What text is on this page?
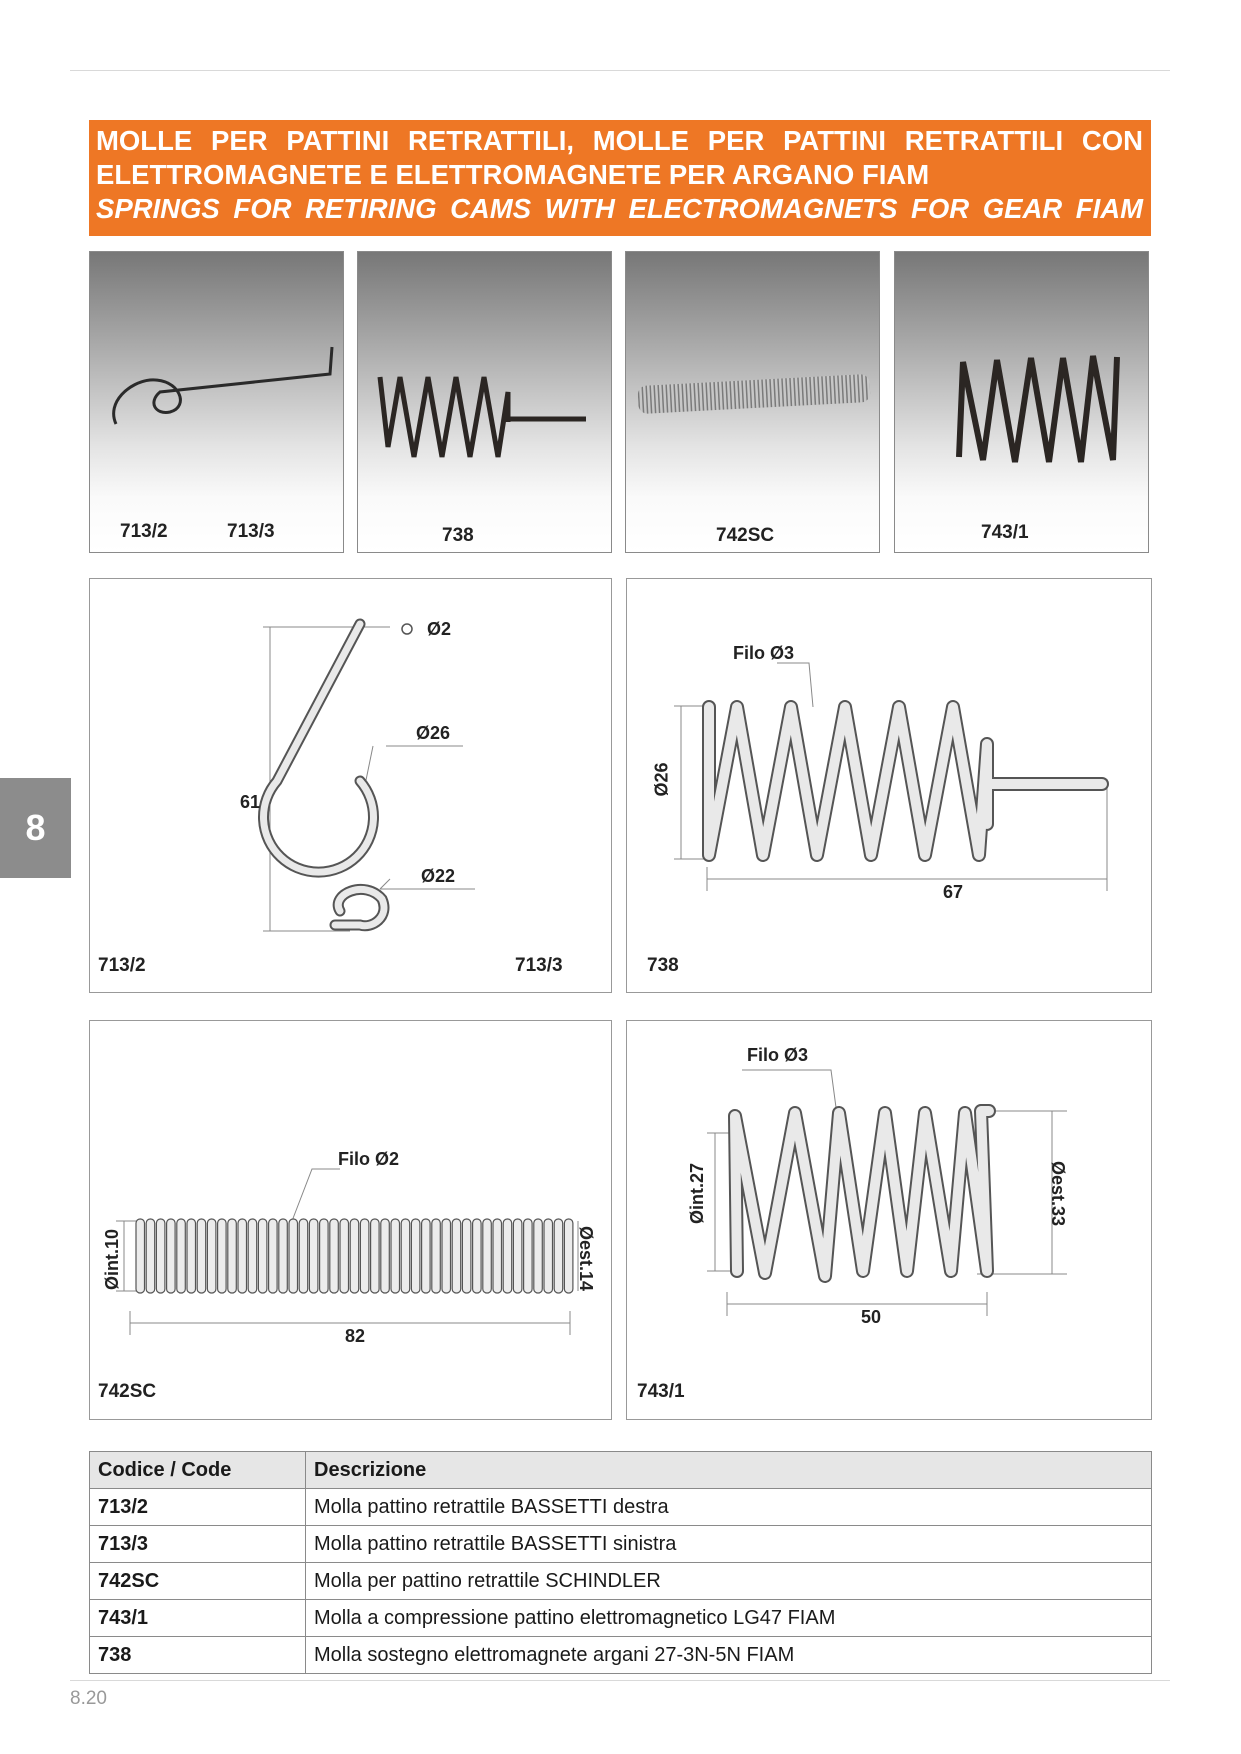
MOLLE PER PATTINI RETRATTILI, MOLLE PER PATTINI RETRATTILI CON
ELETTROMAGNETE E ELETTROMAGNETE PER ARGANO FIAM
SPRINGS FOR RETIRING CAMS WITH ELECTROMAGNETS FOR GEAR FIAM
8
713/2	713/3	738	742SC	743/1
Ø2
Ø26
Ø22
61
713/2	713/3
Filo Ø3
Ø26
67
738
Filo Ø2
Øint.10	Øest.14
82
742SC
Filo Ø3
Øint.27	Øest.33
50
743/1
Codice / Code	Descrizione
713/2	Molla pattino retrattile BASSETTI destra
713/3	Molla pattino retrattile BASSETTI sinistra
742SC	Molla per pattino retrattile SCHINDLER
743/1	Molla a compressione pattino elettromagnetico LG47 FIAM
738	Molla sostegno elettromagnete argani 27-3N-5N FIAM
8.20
